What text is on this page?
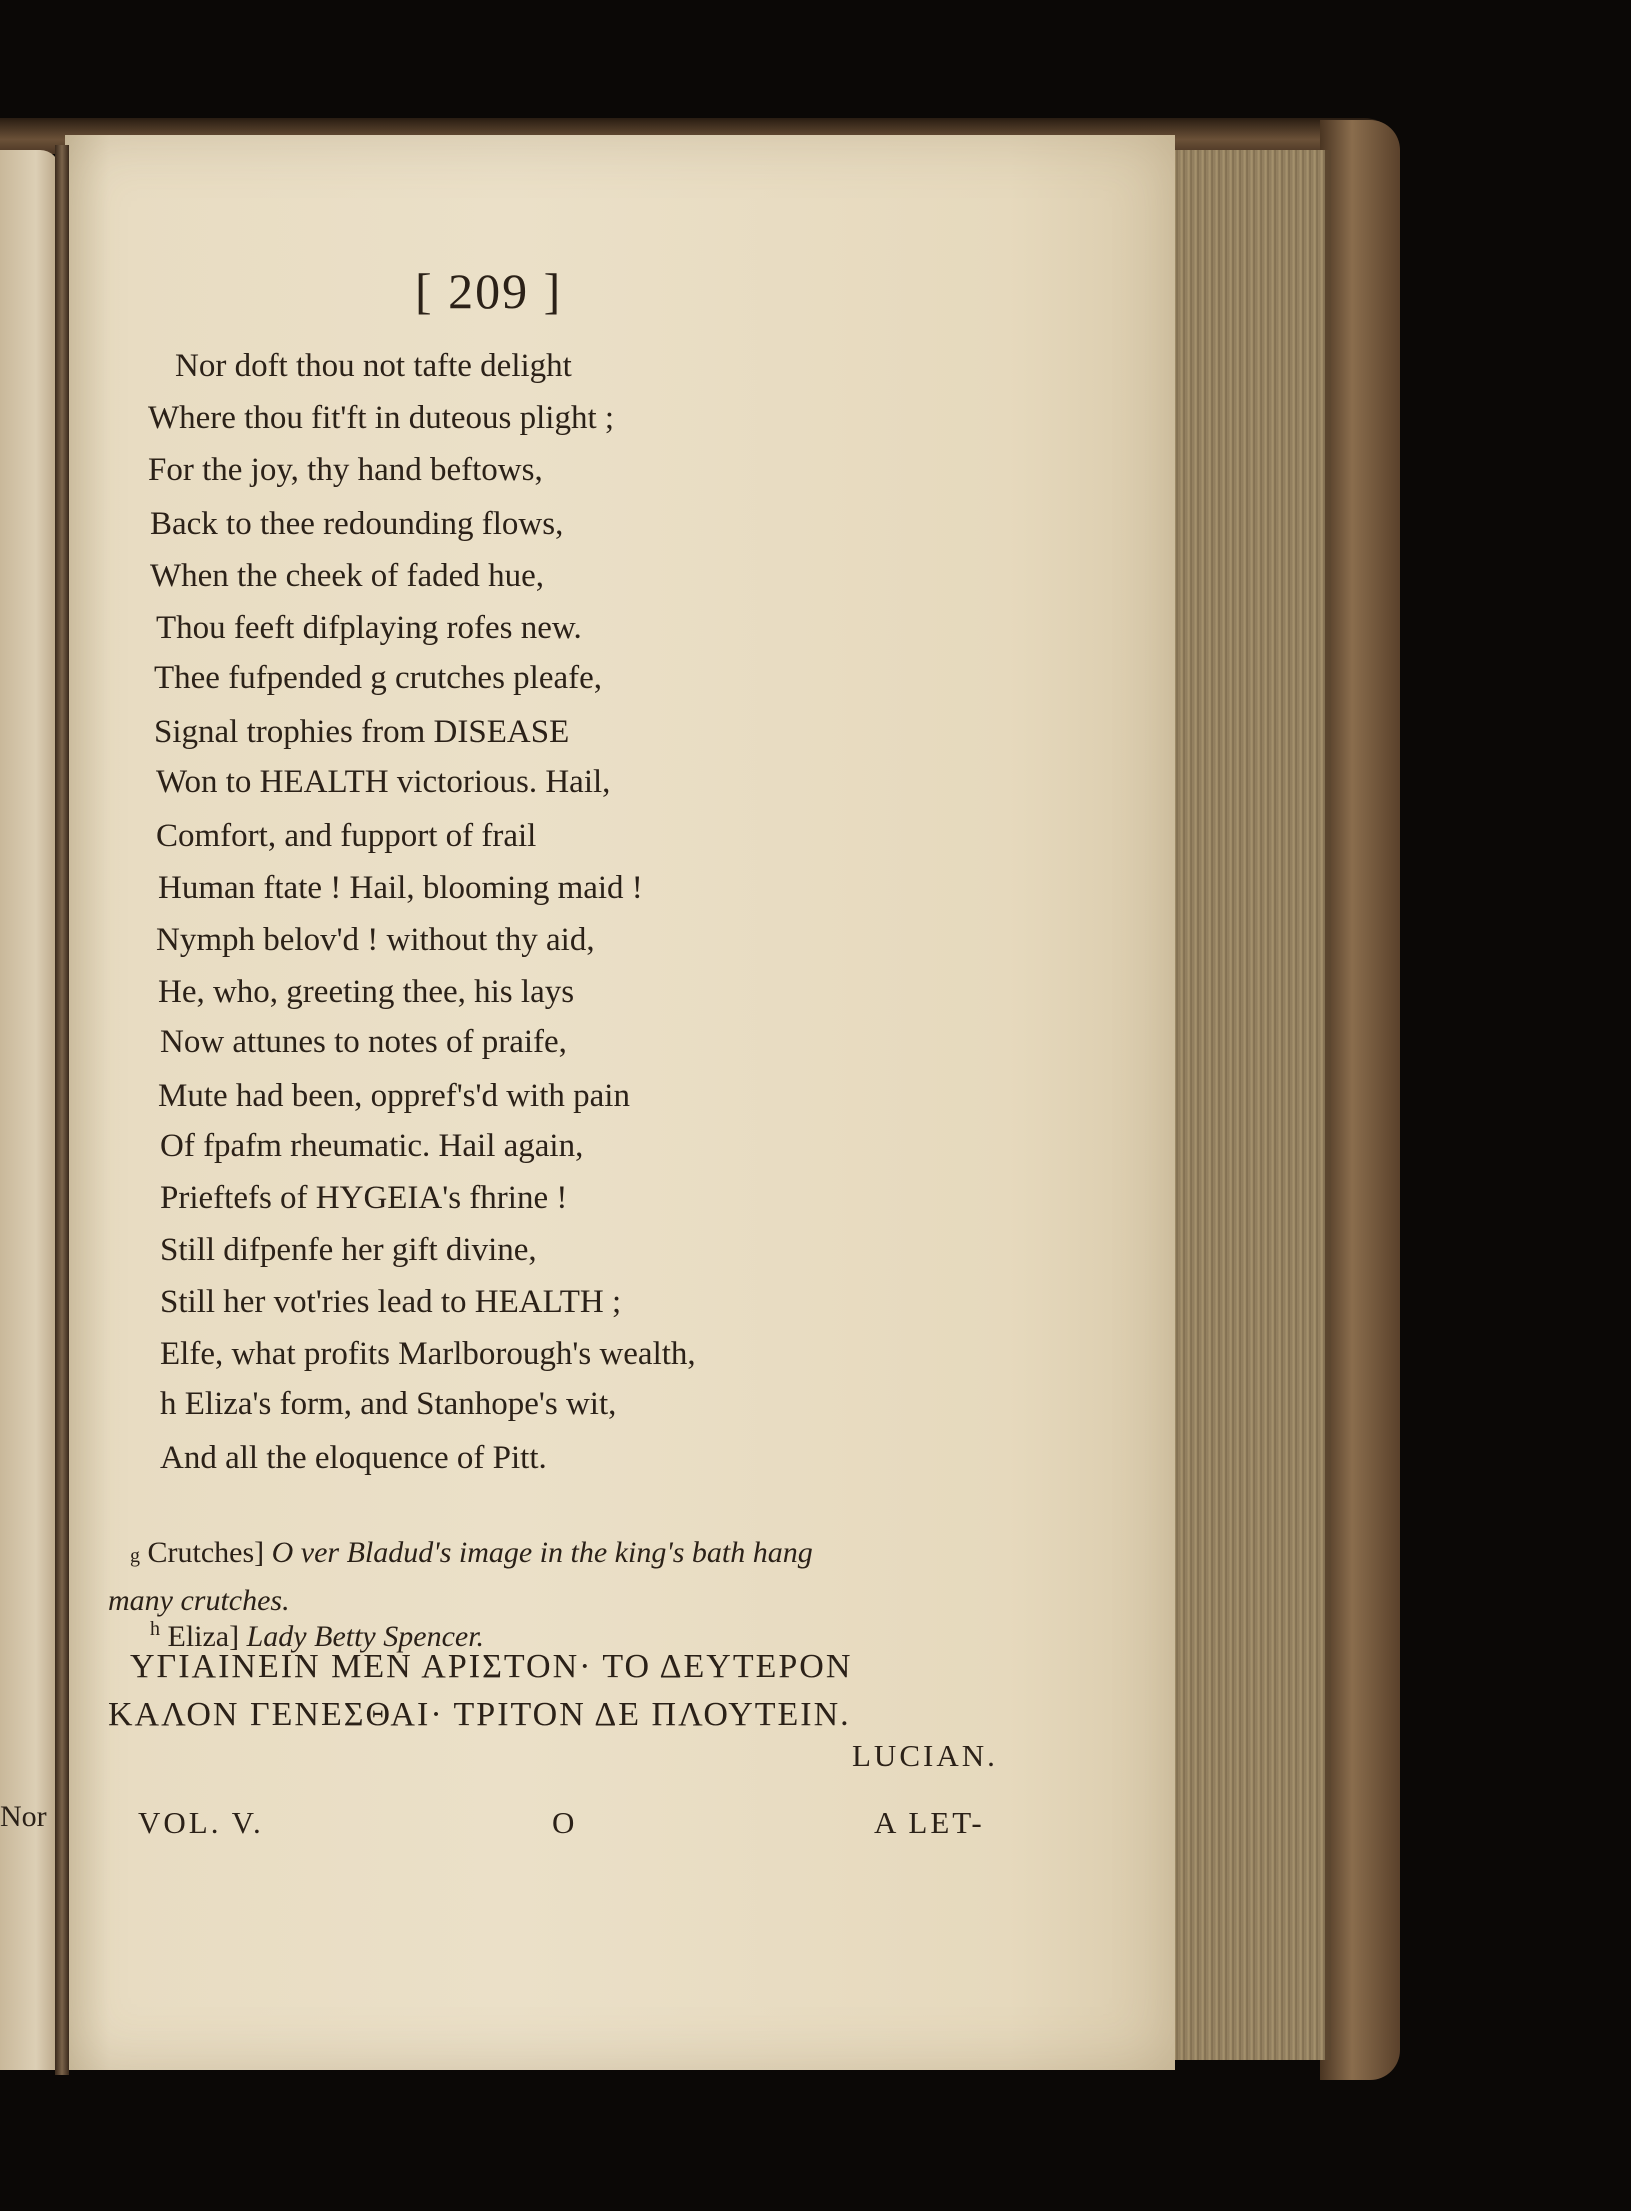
Nor
[ 209 ]
Nor doft thou not tafte delight
Where thou fit'ft in duteous plight ;
For the joy, thy hand beftows,
Back to thee redounding flows,
When the cheek of faded hue,
Thou feeft difplaying rofes new.
Thee fufpended g crutches pleafe,
Signal trophies from DISEASE
Won to HEALTH victorious. Hail,
Comfort, and fupport of frail
Human ftate ! Hail, blooming maid !
Nymph belov'd ! without thy aid,
He, who, greeting thee, his lays
Now attunes to notes of praife,
Mute had been, oppref's'd with pain
Of fpafm rheumatic. Hail again,
Prieftefs of HYGEIA's fhrine !
Still difpenfe her gift divine,
Still her vot'ries lead to HEALTH ;
Elfe, what profits Marlborough's wealth,
h Eliza's form, and Stanhope's wit,
And all the eloquence of Pitt.
g Crutches] O ver Bladud's image in the king's bath hang
many crutches.
$^h$ Eliza] Lady Betty Spencer.
ΥΓΙΑΙΝΕΙΝ ΜΕΝ ΑΡΙΣΤΟΝ· ΤΟ ΔΕΥΤΕΡΟΝ
ΚΑΛΟΝ ΓΕΝΕΣΘΑΙ· ΤΡΙΤΟΝ ΔΕ ΠΛΟΥΤΕΙΝ.
LUCIAN.
VOL. V.	O	A LET-
